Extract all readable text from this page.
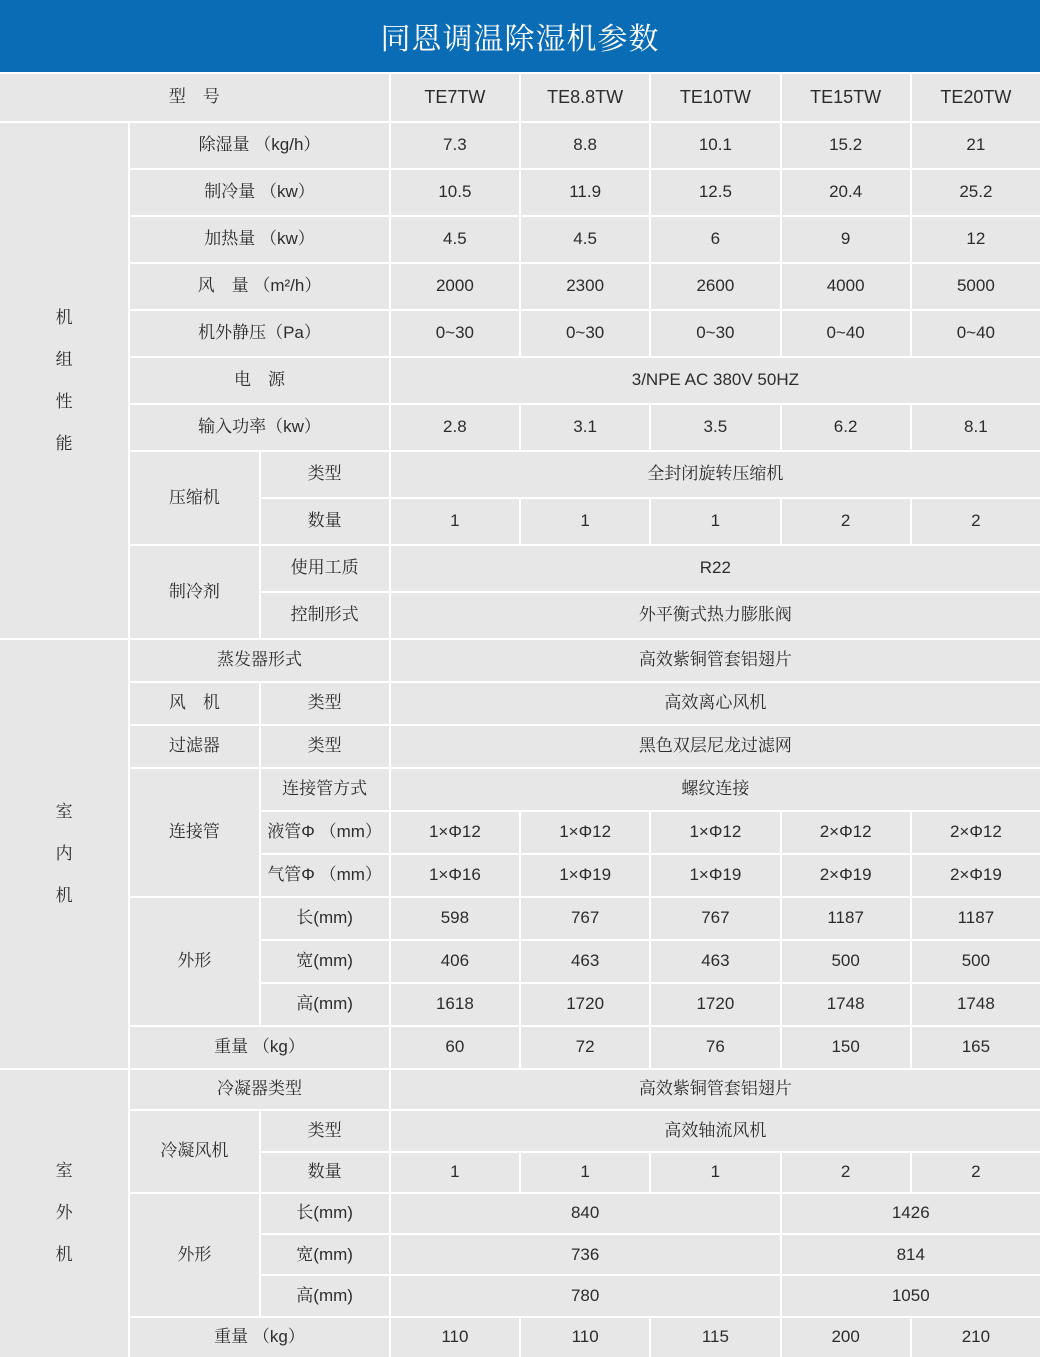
同恩调温除湿机参数
型　号	TE7TW	TE8.8TW	TE10TW	TE15TW	TE20TW
机组性能
除湿量 （kg/h）	7.3	8.8	10.1	15.2	21
制冷量 （kw）	10.5	11.9	12.5	20.4	25.2
加热量 （kw）	4.5	4.5	6	9	12
风　量 （m²/h）	2000	2300	2600	4000	5000
机外静压（Pa）	0~30	0~30	0~30	0~40	0~40
电　源	3/NPE AC 380V 50HZ
输入功率（kw）	2.8	3.1	3.5	6.2	8.1
压缩机
类型	全封闭旋转压缩机
数量	1	1	1	2	2
制冷剂
使用工质	R22
控制形式	外平衡式热力膨胀阀
室内机
蒸发器形式	高效紫铜管套铝翅片
风　机	类型	高效离心风机
过滤器	类型	黑色双层尼龙过滤网
连接管
连接管方式	螺纹连接
液管Φ （mm）	1×Φ12	1×Φ12	1×Φ12	2×Φ12	2×Φ12
气管Φ （mm）	1×Φ16	1×Φ19	1×Φ19	2×Φ19	2×Φ19
外形
长(mm)	598	767	767	1187	1187
宽(mm)	406	463	463	500	500
高(mm)	1618	1720	1720	1748	1748
重量 （kg）	60	72	76	150	165
室外机
冷凝器类型	高效紫铜管套铝翅片
冷凝风机
类型	高效轴流风机
数量	1	1	1	2	2
外形
长(mm)	840	1426
宽(mm)	736	814
高(mm)	780	1050
重量 （kg）	110	110	115	200	210
